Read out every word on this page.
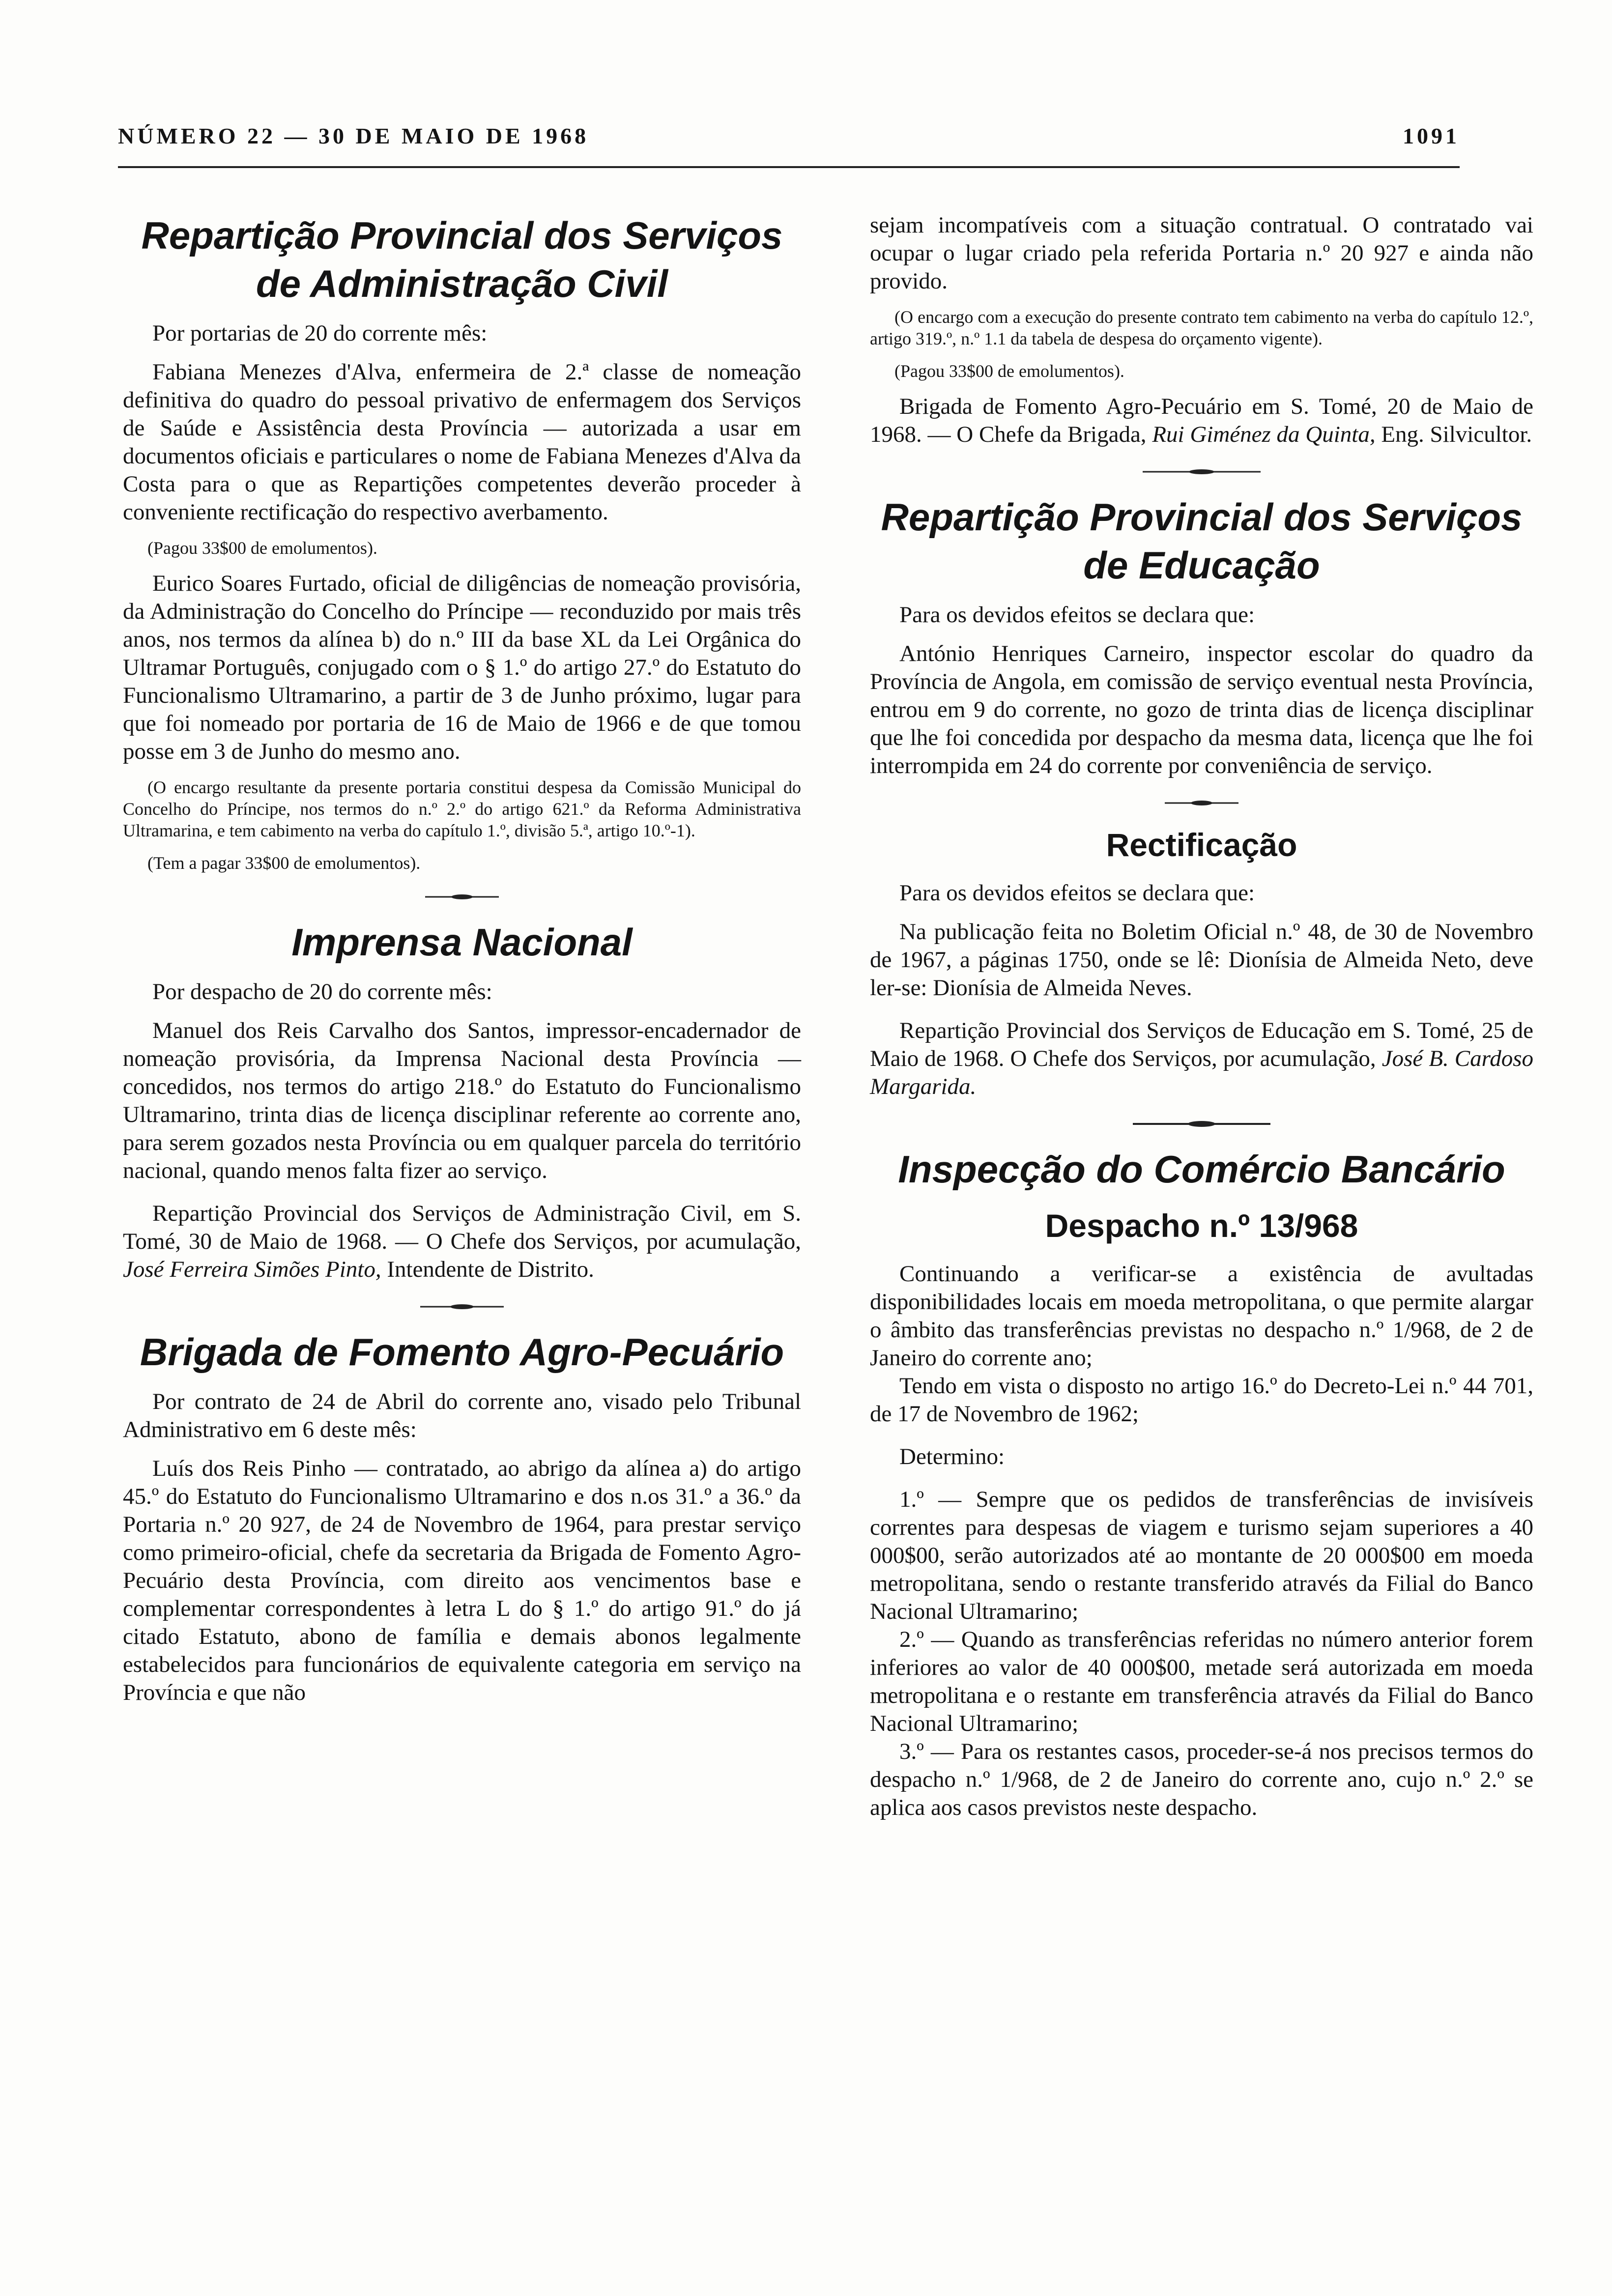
NÚMERO 22 — 30 DE MAIO DE 1968	1091
Repartição Provincial dos Serviços de Administração Civil

Por portarias de 20 do corrente mês:

Fabiana Menezes d'Alva, enfermeira de 2.ª classe de nomeação definitiva do quadro do pessoal privativo de enfermagem dos Serviços de Saúde e Assistência desta Província — autorizada a usar em documentos oficiais e particulares o nome de Fabiana Menezes d'Alva da Costa para o que as Repartições competentes deverão proceder à conveniente rectificação do respectivo averbamento.

(Pagou 33$00 de emolumentos).

Eurico Soares Furtado, oficial de diligências de nomeação provisória, da Administração do Concelho do Príncipe — reconduzido por mais três anos, nos termos da alínea b) do n.º III da base XL da Lei Orgânica do Ultramar Português, conjugado com o § 1.º do artigo 27.º do Estatuto do Funcionalismo Ultramarino, a partir de 3 de Junho próximo, lugar para que foi nomeado por portaria de 16 de Maio de 1966 e de que tomou posse em 3 de Junho do mesmo ano.

(O encargo resultante da presente portaria constitui despesa da Comissão Municipal do Concelho do Príncipe, nos termos do n.º 2.º do artigo 621.º da Reforma Administrativa Ultramarina, e tem cabimento na verba do capítulo 1.º, divisão 5.ª, artigo 10.º-1).

(Tem a pagar 33$00 de emolumentos).

Imprensa Nacional

Por despacho de 20 do corrente mês:

Manuel dos Reis Carvalho dos Santos, impressor-encadernador de nomeação provisória, da Imprensa Nacional desta Província — concedidos, nos termos do artigo 218.º do Estatuto do Funcionalismo Ultramarino, trinta dias de licença disciplinar referente ao corrente ano, para serem gozados nesta Província ou em qualquer parcela do território nacional, quando menos falta fizer ao serviço.

Repartição Provincial dos Serviços de Administração Civil, em S. Tomé, 30 de Maio de 1968. — O Chefe dos Serviços, por acumulação, José Ferreira Simões Pinto, Intendente de Distrito.

Brigada de Fomento Agro-Pecuário

Por contrato de 24 de Abril do corrente ano, visado pelo Tribunal Administrativo em 6 deste mês:

Luís dos Reis Pinho — contratado, ao abrigo da alínea a) do artigo 45.º do Estatuto do Funcionalismo Ultramarino e dos n.os 31.º a 36.º da Portaria n.º 20 927, de 24 de Novembro de 1964, para prestar serviço como primeiro-oficial, chefe da secretaria da Brigada de Fomento Agro-Pecuário desta Província, com direito aos vencimentos base e complementar correspondentes à letra L do § 1.º do artigo 91.º do já citado Estatuto, abono de família e demais abonos legalmente estabelecidos para funcionários de equivalente categoria em serviço na Província e que não

sejam incompatíveis com a situação contratual. O contratado vai ocupar o lugar criado pela referida Portaria n.º 20 927 e ainda não provido.

(O encargo com a execução do presente contrato tem cabimento na verba do capítulo 12.º, artigo 319.º, n.º 1.1 da tabela de despesa do orçamento vigente).

(Pagou 33$00 de emolumentos).

Brigada de Fomento Agro-Pecuário em S. Tomé, 20 de Maio de 1968. — O Chefe da Brigada, Rui Giménez da Quinta, Eng. Silvicultor.

Repartição Provincial dos Serviços de Educação

Para os devidos efeitos se declara que:

António Henriques Carneiro, inspector escolar do quadro da Província de Angola, em comissão de serviço eventual nesta Província, entrou em 9 do corrente, no gozo de trinta dias de licença disciplinar que lhe foi concedida por despacho da mesma data, licença que lhe foi interrompida em 24 do corrente por conveniência de serviço.

Rectificação

Para os devidos efeitos se declara que:

Na publicação feita no Boletim Oficial n.º 48, de 30 de Novembro de 1967, a páginas 1750, onde se lê: Dionísia de Almeida Neto, deve ler-se: Dionísia de Almeida Neves.

Repartição Provincial dos Serviços de Educação em S. Tomé, 25 de Maio de 1968. O Chefe dos Serviços, por acumulação, José B. Cardoso Margarida.

Inspecção do Comércio Bancário
Despacho n.º 13/968

Continuando a verificar-se a existência de avultadas disponibilidades locais em moeda metropolitana, o que permite alargar o âmbito das transferências previstas no despacho n.º 1/968, de 2 de Janeiro do corrente ano;

Tendo em vista o disposto no artigo 16.º do Decreto-Lei n.º 44 701, de 17 de Novembro de 1962;

Determino:

1.º — Sempre que os pedidos de transferências de invisíveis correntes para despesas de viagem e turismo sejam superiores a 40 000$00, serão autorizados até ao montante de 20 000$00 em moeda metropolitana, sendo o restante transferido através da Filial do Banco Nacional Ultramarino;

2.º — Quando as transferências referidas no número anterior forem inferiores ao valor de 40 000$00, metade será autorizada em moeda metropolitana e o restante em transferência através da Filial do Banco Nacional Ultramarino;

3.º — Para os restantes casos, proceder-se-á nos precisos termos do despacho n.º 1/968, de 2 de Janeiro do corrente ano, cujo n.º 2.º se aplica aos casos previstos neste despacho.
